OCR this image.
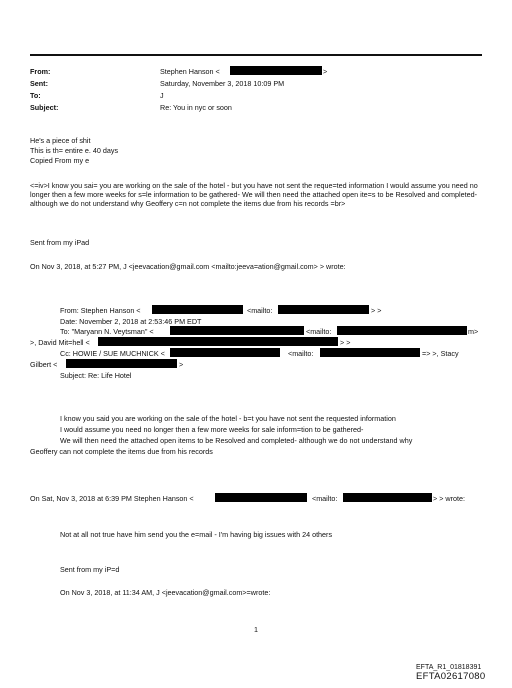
From:	Stephen Hanson <	>
Sent:	Saturday, November 3, 2018 10:09 PM
To:	J
Subject:	Re: You in nyc or soon
He's a piece of shit
This is th= entire e. 40 days
Copied From my e
<=iv>I know you sai= you are working on the sale of the hotel - but you have not sent the reque=ted information I would assume you need no longer then a few more weeks for s=le information to be gathered- We will then need the attached open ite=s to be Resolved and completed- although we do not understand why Geoffery c=n not complete the items due from his records =br>
Sent from my iPad
On Nov 3, 2018, at 5:27 PM, J <jeevacation@gmail.com <mailto:jeeva=ation@gmail.com> > wrote:
From: Stephen Hanson <	<mailto:	> >
Date: November 2, 2018 at 2:53:46 PM EDT
To: "Maryann N. Veytsman" <	<mailto:	m>
>, David Mit=hell <	> >
Cc: HOWIE / SUE MUCHNICK <	<mailto:	=> >, Stacy
Gilbert <	>
Subject: Re: Life Hotel
I know you said you are working on the sale of the hotel - b=t you have not sent the requested information
I would assume you need no longer then a few more weeks for sale inform=tion to be gathered-
We will then need the attached open items to be Resolved and completed- although we do not understand why
Geoffery can not complete the items due from his records
On Sat, Nov 3, 2018 at 6:39 PM Stephen Hanson <	<mailto:	> > wrote:
Not at all not true have him send you the e=mail - I'm having big issues with 24 others
Sent from my iP=d
On Nov 3, 2018, at 11:34 AM, J <jeevacation@gmail.com>=wrote:
1
EFTA_R1_01818391
EFTA02617080
